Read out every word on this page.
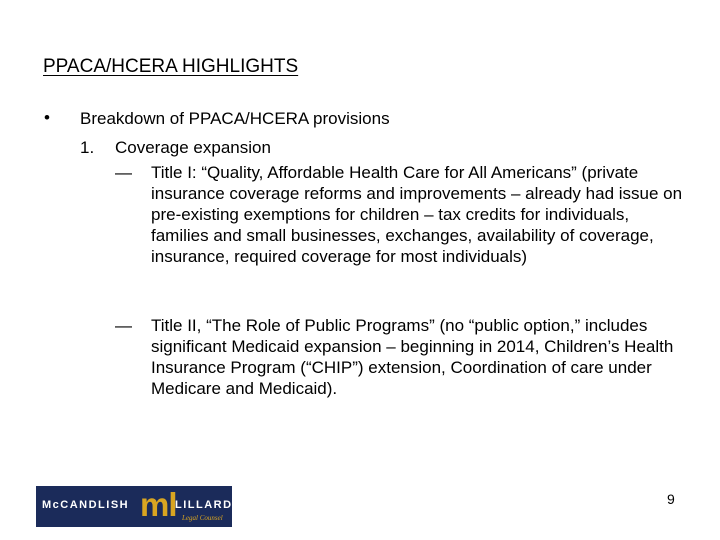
PPACA/HCERA HIGHLIGHTS
• Breakdown of PPACA/HCERA provisions
1. Coverage expansion
— Title I: “Quality, Affordable Health Care for All Americans” (private insurance coverage reforms and improvements – already had issue on pre-existing exemptions for children – tax credits for individuals, families and small businesses, exchanges, availability of coverage, insurance, required coverage for most individuals)
— Title II, “The Role of Public Programs” (no “public option,” includes significant Medicaid expansion – beginning in 2014, Children’s Health Insurance Program (“CHIP”) extension, Coordination of care under Medicare and Medicaid).
McCANDLISH ml
LILLARD
Legal Counsel
9
